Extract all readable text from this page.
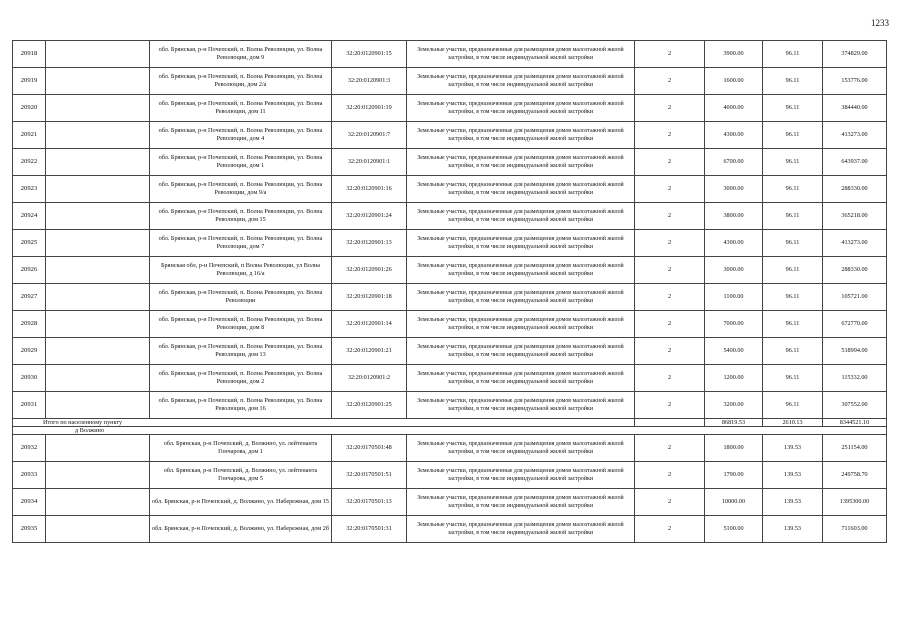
1233
20918		обл. Брянская, р-н Почепский, п. Волна Революции, ул. Волна Революции, дом 9	32:20:0120901:15	Земельные участки, предназначенные для размещения домов малоэтажной жилой застройки, в том числе индивидуальной жилой застройки	2	3900.00	96.11	374829.00
20919		обл. Брянская, р-н Почепский, п. Волна Революции, ул. Волна Революции, дом 2/а	32:20:0120901:3	Земельные участки, предназначенные для размещения домов малоэтажной жилой застройки, в том числе индивидуальной жилой застройки	2	1600.00	96.11	153776.00
20920		обл. Брянская, р-н Почепский, п. Волна Революции, ул. Волна Революции, дом 11	32:20:0120901:19	Земельные участки, предназначенные для размещения домов малоэтажной жилой застройки, в том числе индивидуальной жилой застройки	2	4000.00	96.11	384440.00
20921		обл. Брянская, р-н Почепский, п. Волна Революции, ул. Волна Революции, дом 4	32:20:0120901:7	Земельные участки, предназначенные для размещения домов малоэтажной жилой застройки, в том числе индивидуальной жилой застройки	2	4300.00	96.11	413273.00
20922		обл. Брянская, р-н Почепский, п. Волна Революции, ул. Волна Революции, дом 1	32:20:0120901:1	Земельные участки, предназначенные для размещения домов малоэтажной жилой застройки, в том числе индивидуальной жилой застройки	2	6700.00	96.11	643937.00
20923		обл. Брянская, р-н Почепский, п. Волна Революции, ул. Волна Революции, дом 9/а	32:20:0120901:16	Земельные участки, предназначенные для размещения домов малоэтажной жилой застройки, в том числе индивидуальной жилой застройки	2	3000.00	96.11	288330.00
20924		обл. Брянская, р-н Почепский, п. Волна Революции, ул. Волна Революции, дом 15	32:20:0120901:24	Земельные участки, предназначенные для размещения домов малоэтажной жилой застройки, в том числе индивидуальной жилой застройки	2	3800.00	96.11	365218.00
20925		обл. Брянская, р-н Почепский, п. Волна Революции, ул. Волна Революции, дом 7	32:20:0120901:13	Земельные участки, предназначенные для размещения домов малоэтажной жилой застройки, в том числе индивидуальной жилой застройки	2	4300.00	96.11	413273.00
20926		Брянская обл, р-н Почепский, п Волна Революции, ул Волна Революции, д 16/а	32:20:0120901:26	Земельные участки, предназначенные для размещения домов малоэтажной жилой застройки, в том числе индивидуальной жилой застройки	2	3000.00	96.11	288330.00
20927		обл. Брянская, р-н Почепский, п. Волна Революции, ул. Волна Революции	32:20:0120901:18	Земельные участки, предназначенные для размещения домов малоэтажной жилой застройки, в том числе индивидуальной жилой застройки	2	1100.00	96.11	105721.00
20928		обл. Брянская, р-н Почепский, п. Волна Революции, ул. Волна Революции, дом 8	32:20:0120901:14	Земельные участки, предназначенные для размещения домов малоэтажной жилой застройки, в том числе индивидуальной жилой застройки	2	7000.00	96.11	672770.00
20929		обл. Брянская, р-н Почепский, п. Волна Революции, ул. Волна Революции, дом 13	32:20:0120901:21	Земельные участки, предназначенные для размещения домов малоэтажной жилой застройки, в том числе индивидуальной жилой застройки	2	5400.00	96.11	518994.00
20930		обл. Брянская, р-н Почепский, п. Волна Революции, ул. Волна Революции, дом 2	32:20:0120901:2	Земельные участки, предназначенные для размещения домов малоэтажной жилой застройки, в том числе индивидуальной жилой застройки	2	1200.00	96.11	115332.00
20931		обл. Брянская, р-н Почепский, п. Волна Революции, ул. Волна Революции, дом 16	32:20:0120901:25	Земельные участки, предназначенные для размещения домов малоэтажной жилой застройки, в том числе индивидуальной жилой застройки	2	3200.00	96.11	307552.00
Итого по населенному пункту						86819.53	2610.13	8344521.10
д Волжино								
20932		обл. Брянская, р-н Почепский, д. Волжино, ул. лейтенанта Гончарова, дом 1	32:20:0170501:48	Земельные участки, предназначенные для размещения домов малоэтажной жилой застройки, в том числе индивидуальной жилой застройки	2	1800.00	139.53	251154.00
20933		обл. Брянская, р-н Почепский, д. Волжино, ул. лейтенанта Гончарова, дом 5	32:20:0170501:51	Земельные участки, предназначенные для размещения домов малоэтажной жилой застройки, в том числе индивидуальной жилой застройки	2	1790.00	139.53	249758.70
20934		обл. Брянская, р-н Почепский, д. Волжино, ул. Набережная, дом 15	32:20:0170501:13	Земельные участки, предназначенные для размещения домов малоэтажной жилой застройки, в том числе индивидуальной жилой застройки	2	10000.00	139.53	1395300.00
20935		обл. Брянская, р-н Почепский, д. Волжино, ул. Набережная, дом 2б	32:20:0170501:31	Земельные участки, предназначенные для размещения домов малоэтажной жилой застройки, в том числе индивидуальной жилой застройки	2	5100.00	139.53	711603.00
